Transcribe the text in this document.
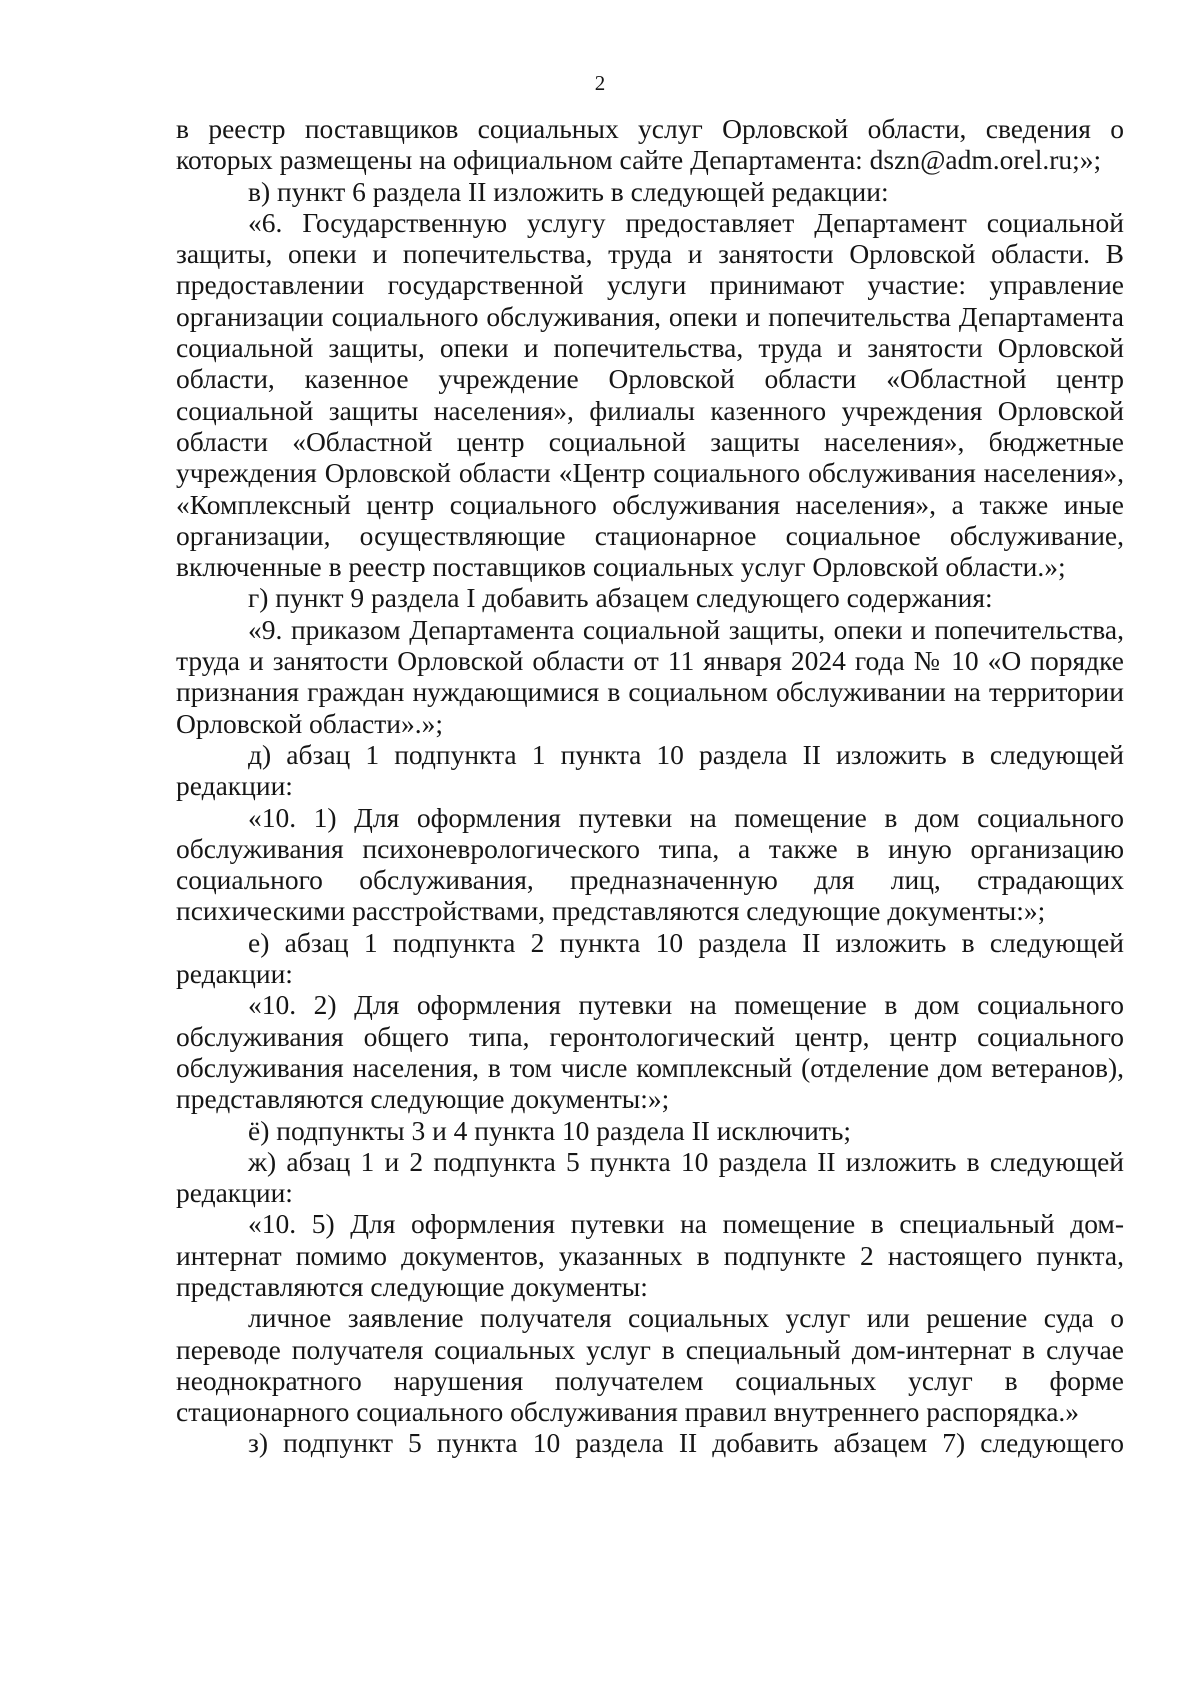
2

в реестр поставщиков социальных услуг Орловской области, сведения о которых размещены на официальном сайте Департамента: dszn@adm.orel.ru;»;

в) пункт 6 раздела II изложить в следующей редакции:

«6. Государственную услугу предоставляет Департамент социальной защиты, опеки и попечительства, труда и занятости Орловской области. В предоставлении государственной услуги принимают участие: управление организации социального обслуживания, опеки и попечительства Департамента социальной защиты, опеки и попечительства, труда и занятости Орловской области, казенное учреждение Орловской области «Областной центр социальной защиты населения», филиалы казенного учреждения Орловской области «Областной центр социальной защиты населения», бюджетные учреждения Орловской области «Центр социального обслуживания населения», «Комплексный центр социального обслуживания населения», а также иные организации, осуществляющие стационарное социальное обслуживание, включенные в реестр поставщиков социальных услуг Орловской области.»;

г) пункт 9 раздела I добавить абзацем следующего содержания:

«9. приказом Департамента социальной защиты, опеки и попечительства, труда и занятости Орловской области от 11 января 2024 года № 10 «О порядке признания граждан нуждающимися в социальном обслуживании на территории Орловской области».»;

д) абзац 1 подпункта 1 пункта 10 раздела II изложить в следующей редакции:

«10. 1) Для оформления путевки на помещение в дом социального обслуживания психоневрологического типа, а также в иную организацию социального обслуживания, предназначенную для лиц, страдающих психическими расстройствами, представляются следующие документы:»;

е) абзац 1 подпункта 2 пункта 10 раздела II изложить в следующей редакции:

«10. 2) Для оформления путевки на помещение в дом социального обслуживания общего типа, геронтологический центр, центр социального обслуживания населения, в том числе комплексный (отделение дом ветеранов), представляются следующие документы:»;

ё) подпункты 3 и 4 пункта 10 раздела II исключить;

ж) абзац 1 и 2 подпункта 5 пункта 10 раздела II изложить в следующей редакции:

«10. 5) Для оформления путевки на помещение в специальный дом-интернат помимо документов, указанных в подпункте 2 настоящего пункта, представляются следующие документы:

личное заявление получателя социальных услуг или решение суда о переводе получателя социальных услуг в специальный дом-интернат в случае неоднократного нарушения получателем социальных услуг в форме стационарного социального обслуживания правил внутреннего распорядка.»

з) подпункт 5 пункта 10 раздела II добавить абзацем 7) следующего
